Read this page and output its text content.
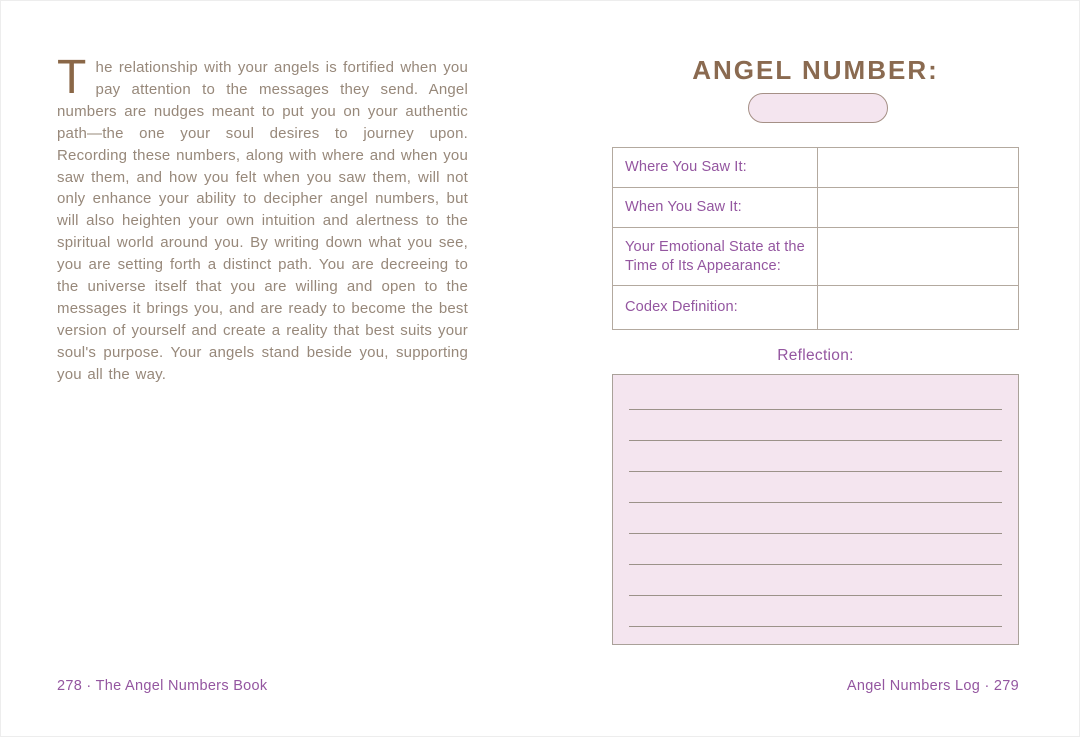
The relationship with your angels is fortified when you pay attention to the messages they send. Angel numbers are nudges meant to put you on your authentic path—the one your soul desires to journey upon. Recording these numbers, along with where and when you saw them, and how you felt when you saw them, will not only enhance your ability to decipher angel numbers, but will also heighten your own intuition and alertness to the spiritual world around you. By writing down what you see, you are setting forth a distinct path. You are decreeing to the universe itself that you are willing and open to the messages it brings you, and are ready to become the best version of yourself and create a reality that best suits your soul's purpose. Your angels stand beside you, supporting you all the way.

278 · The Angel Numbers Book
ANGEL NUMBER:
Where You Saw It:	
When You Saw It:	
Your Emotional State at the Time of Its Appearance:	
Codex Definition:	
Reflection:
Angel Numbers Log · 279
